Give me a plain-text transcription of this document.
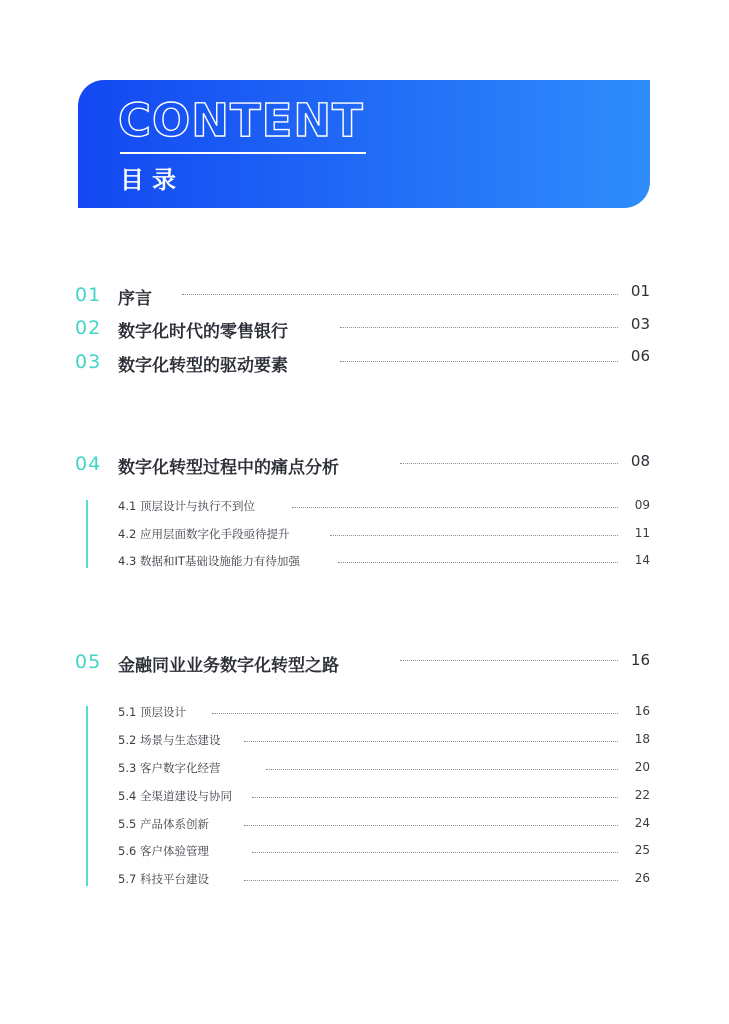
CONTENT
目录
01 序言	01
02 数字化时代的零售银行	03
03 数字化转型的驱动要素	06
04 数字化转型过程中的痛点分析	08
4.1 顶层设计与执行不到位	09
4.2 应用层面数字化手段亟待提升	11
4.3 数据和IT基础设施能力有待加强	14
05 金融同业业务数字化转型之路	16
5.1 顶层设计	16
5.2 场景与生态建设	18
5.3 客户数字化经营	20
5.4 全渠道建设与协同	22
5.5 产品体系创新	24
5.6 客户体验管理	25
5.7 科技平台建设	26
